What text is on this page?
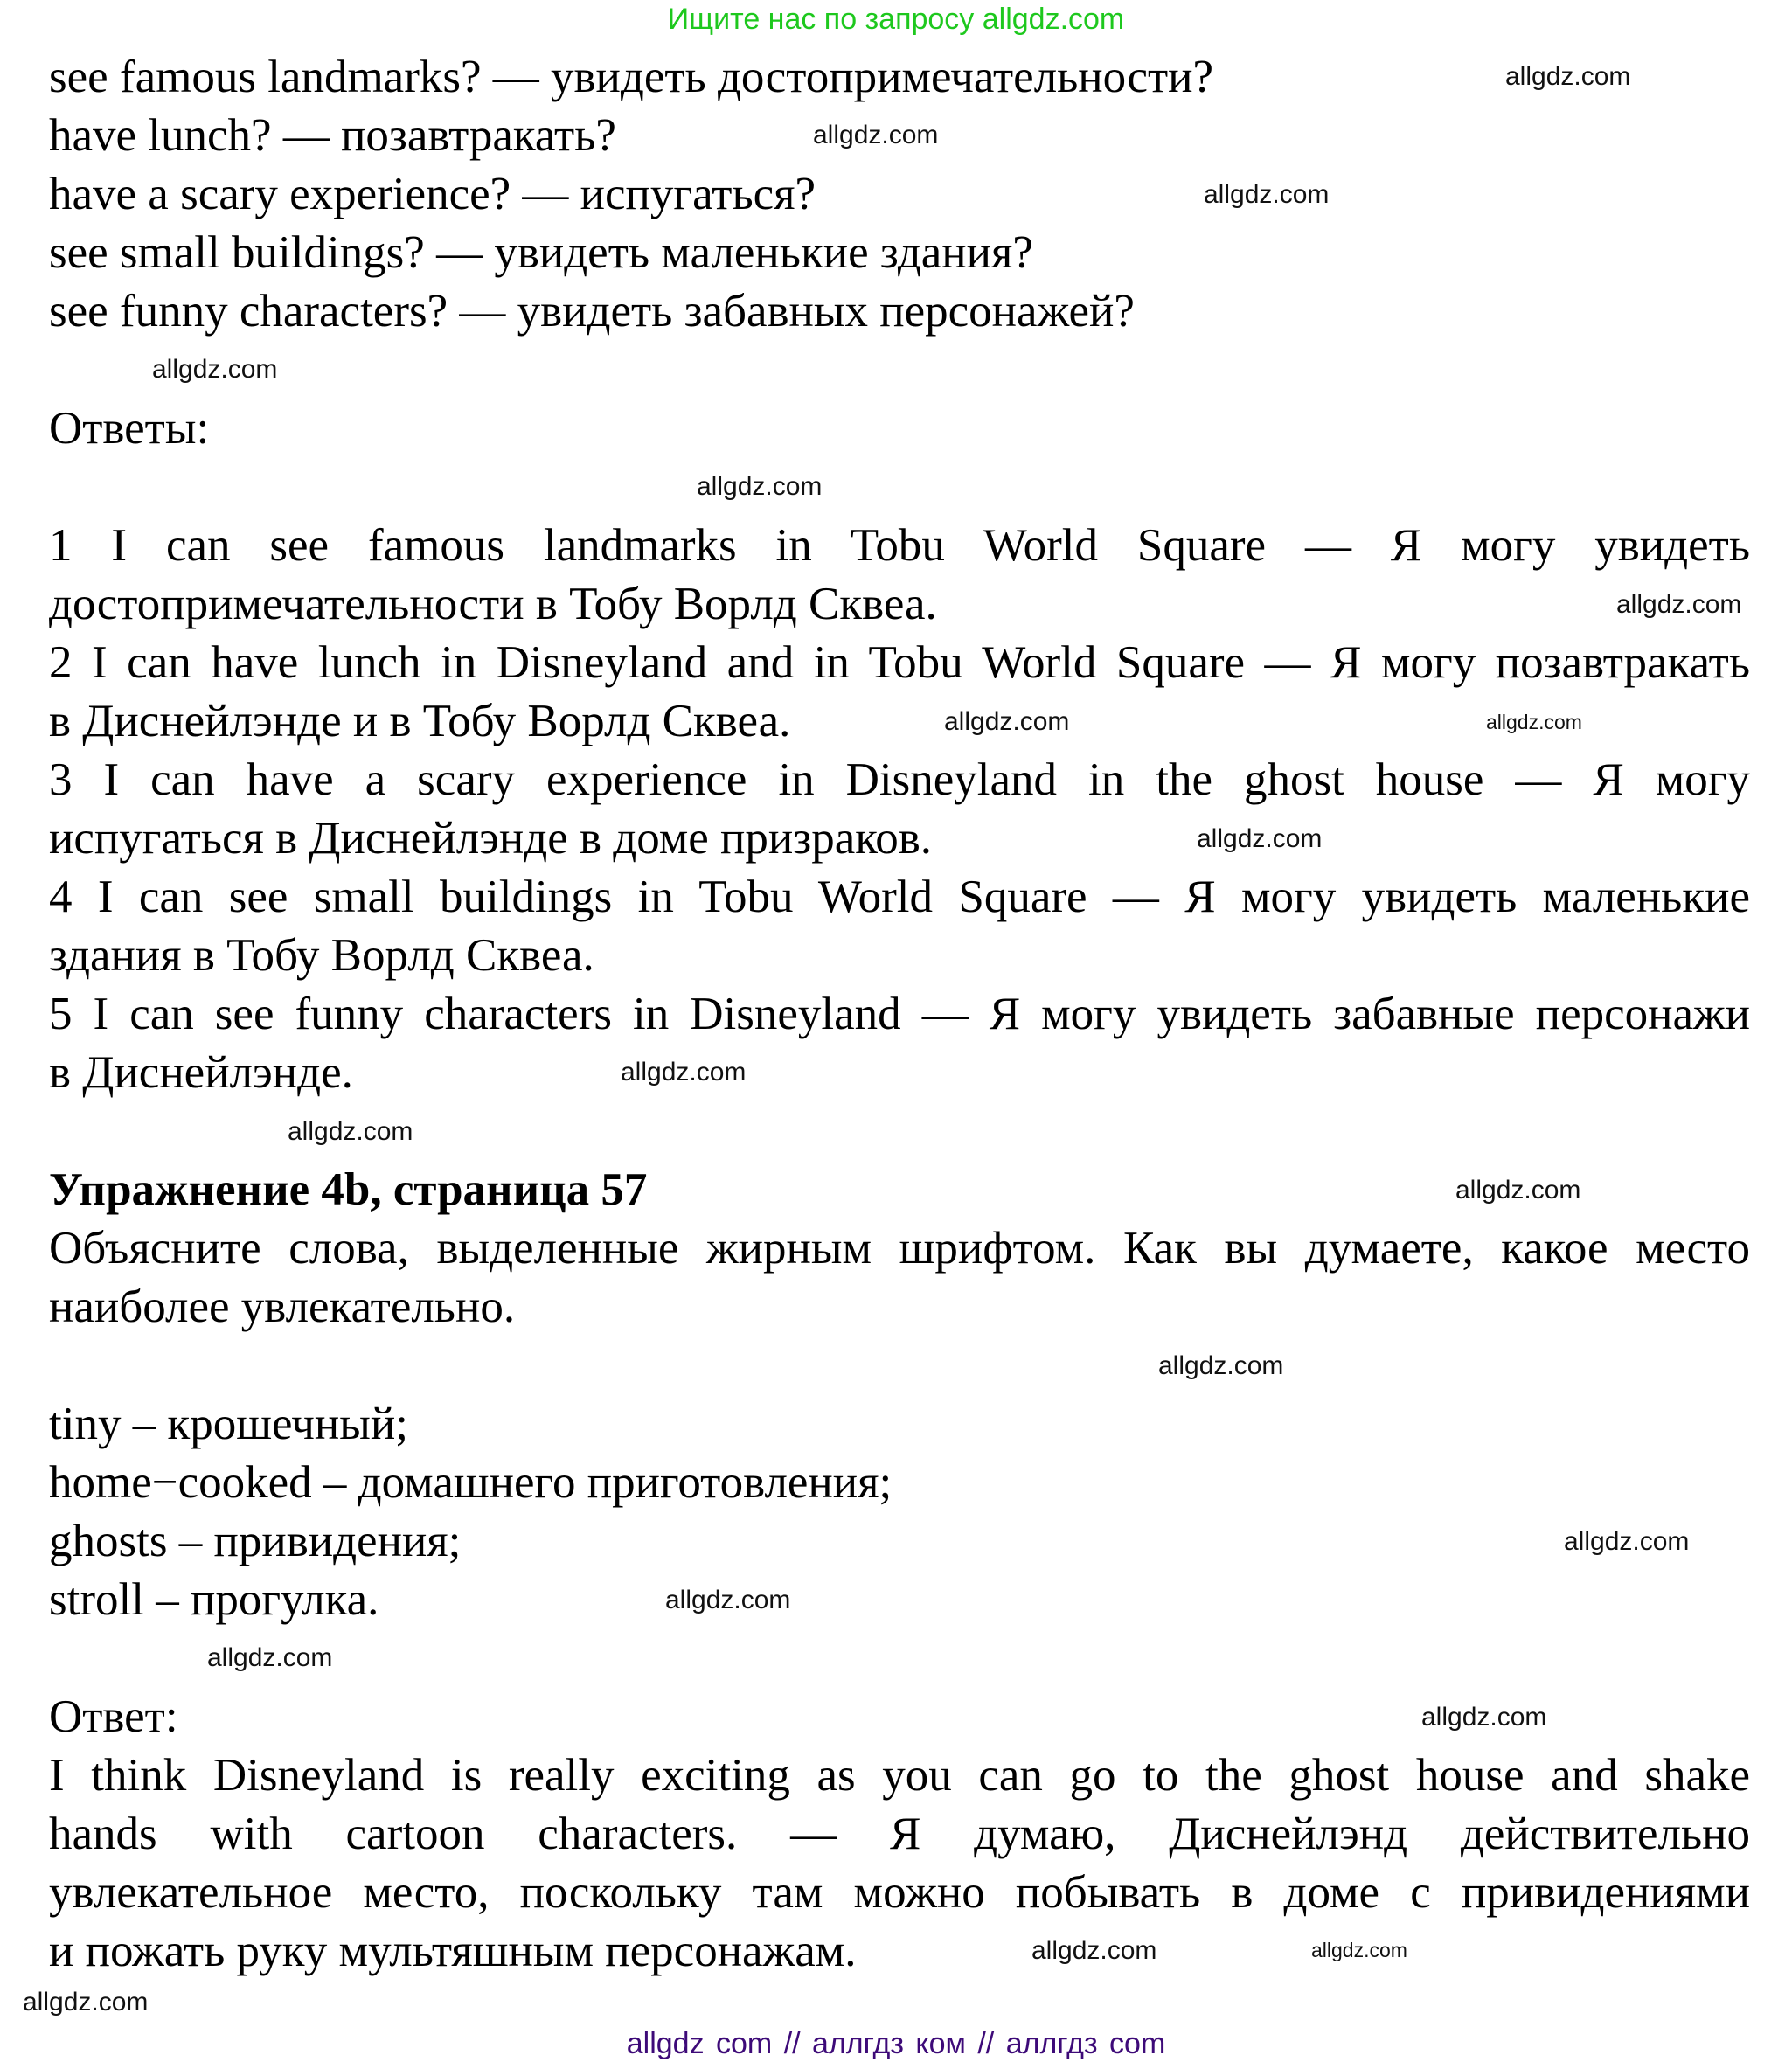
Ищите нас по запросу allgdz.com
see famous landmarks? — увидеть достопримечательности?
have lunch? — позавтракать?
have a scary experience? — испугаться?
see small buildings? — увидеть маленькие здания?
see funny characters? — увидеть забавных персонажей?
Ответы:
1 I can see famous landmarks in Tobu World Square — Я могу увидеть
достопримечательности в Тобу Ворлд Сквеа.
2 I can have lunch in Disneyland and in Tobu World Square — Я могу позавтракать
в Диснейлэнде и в Тобу Ворлд Сквеа.
3 I can have a scary experience in Disneyland in the ghost house — Я могу
испугаться в Диснейлэнде в доме призраков.
4 I can see small buildings in Tobu World Square — Я могу увидеть маленькие
здания в Тобу Ворлд Сквеа.
5 I can see funny characters in Disneyland — Я могу увидеть забавные персонажи
в Диснейлэнде.
Упражнение 4b, страница 57
Объясните слова, выделенные жирным шрифтом. Как вы думаете, какое место
наиболее увлекательно.
tiny – крошечный;
home−cooked – домашнего приготовления;
ghosts – привидения;
stroll – прогулка.
Ответ:
I think Disneyland is really exciting as you can go to the ghost house and shake
hands with cartoon characters. — Я думаю, Диснейлэнд действительно
увлекательное место, поскольку там можно побывать в доме с привидениями
и пожать руку мультяшным персонажам.
allgdz.com
allgdz.com
allgdz.com
allgdz.com
allgdz.com
allgdz.com
allgdz.com	allgdz.com
allgdz.com
allgdz.com
allgdz.com
allgdz.com
allgdz.com
allgdz.com
allgdz.com
allgdz.com
allgdz.com
allgdz.com
allgdz.com
allgdz.com
allgdz com // аллгдз ком // аллгдз com
